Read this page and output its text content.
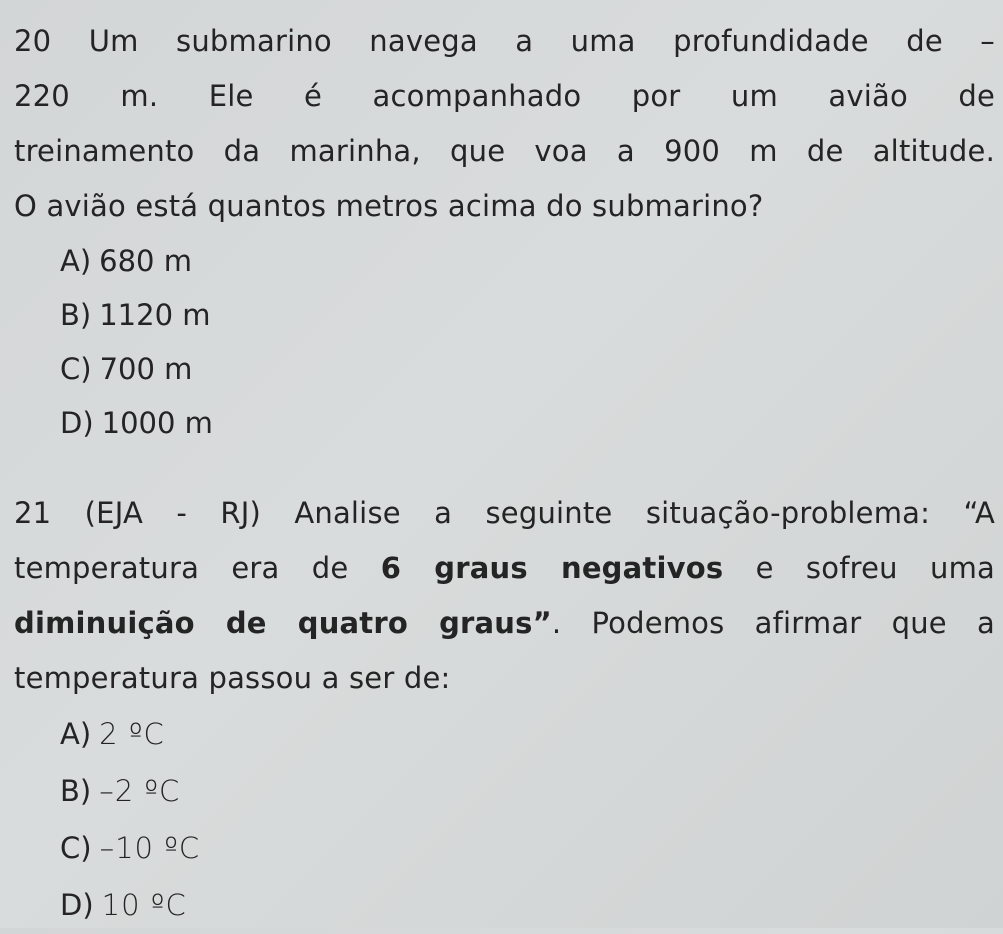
20 Um submarino navega a uma profundidade de –
220 m. Ele é acompanhado por um avião de
treinamento da marinha, que voa a 900 m de altitude.
O avião está quantos metros acima do submarino?
A) 680 m
B) 1120 m
C) 700 m
D) 1000 m
21 (EJA - RJ) Analise a seguinte situação-problema: “A
temperatura era de 6 graus negativos e sofreu uma
diminuição de quatro graus”. Podemos afirmar que a
temperatura passou a ser de:
A) 2 ºC
B) –2 ºC
C) –10 ºC
D) 10 ºC
